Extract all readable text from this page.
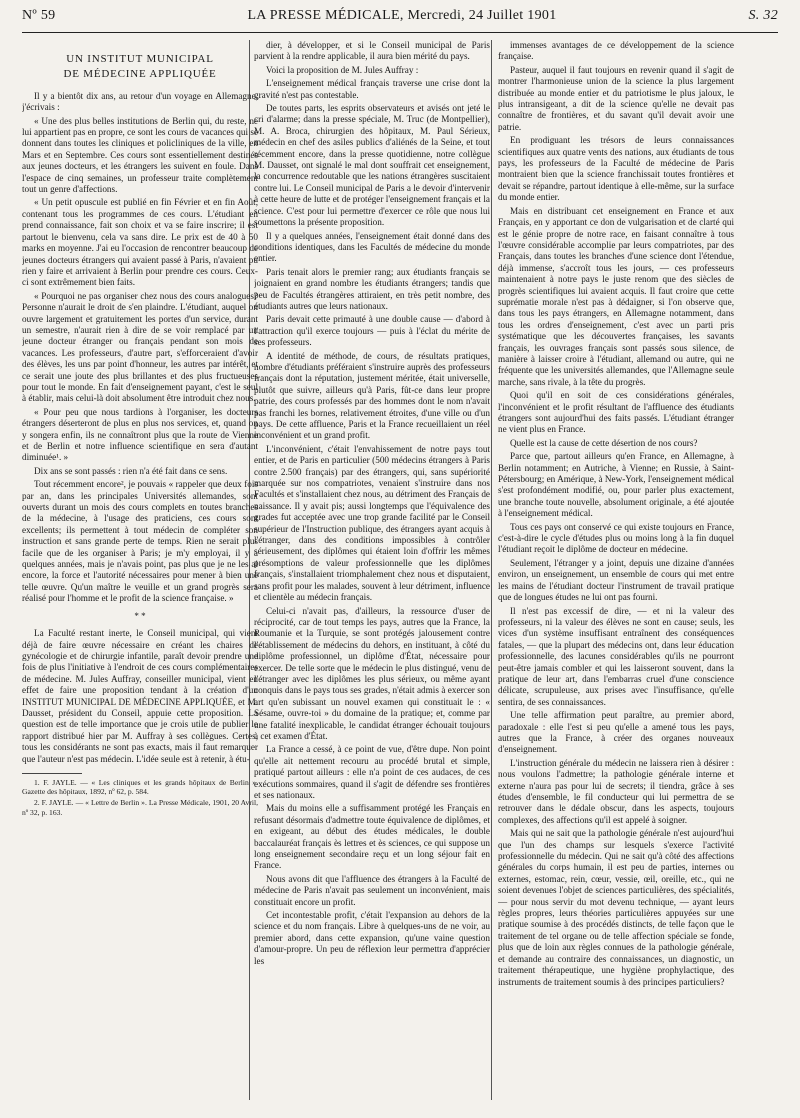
Nº 59	LA PRESSE MÉDICALE, Mercredi, 24 Juillet 1901	S. 32
UN INSTITUT MUNICIPAL
DE MÉDECINE APPLIQUÉE

Il y a bientôt dix ans, au retour d'un voyage en Allemagne, j'écrivais :

« Une des plus belles institutions de Berlin qui, du reste, ne lui appartient pas en propre, ce sont les cours de vacances qui se donnent dans toutes les cliniques et policliniques de la ville, en Mars et en Septembre. Ces cours sont essentiellement destinés aux jeunes docteurs, et les étrangers les suivent en foule. Dans l'espace de cinq semaines, un professeur traite complètement tout un genre d'affections.

« Un petit opuscule est publié en fin Février et en fin Août, contenant tous les programmes de ces cours. L'étudiant en prend connaissance, fait son choix et va se faire inscrire; il est partout le bienvenu, cela va sans dire. Le prix est de 40 à 50 marks en moyenne. J'ai eu l'occasion de rencontrer beaucoup de jeunes docteurs étrangers qui avaient passé à Paris, n'avaient pu rien y faire et arrivaient à Berlin pour prendre ces cours. Ceux-ci sont extrêmement bien faits.

« Pourquoi ne pas organiser chez nous des cours analogues? Personne n'aurait le droit de s'en plaindre. L'étudiant, auquel on ouvre largement et gratuitement les portes d'un service, durant un semestre, n'aurait rien à dire de se voir remplacé par un jeune docteur étranger ou français pendant son mois de vacances. Les professeurs, d'autre part, s'efforceraient d'avoir des élèves, les uns par point d'honneur, les autres par intérêt, et ce serait une joute des plus brillantes et des plus fructueuses pour tout le monde. En fait d'enseignement payant, c'est le seul à établir, mais celui-là doit absolument être introduit chez nous.

« Pour peu que nous tardions à l'organiser, les docteurs étrangers déserteront de plus en plus nos services, et, quand on y songera enfin, ils ne connaîtront plus que la route de Vienne et de Berlin et notre influence scientifique en sera d'autant diminuée¹. »

Dix ans se sont passés : rien n'a été fait dans ce sens.

Tout récemment encore², je pouvais « rappeler que deux fois par an, dans les principales Universités allemandes, sont ouverts durant un mois des cours complets en toutes branches de la médecine, à l'usage des praticiens, ces cours sont excellents; ils permettent à tout médecin de compléter son instruction et sans grande perte de temps. Rien ne serait plus facile que de les organiser à Paris; je m'y employai, il y a quelques années, mais je n'avais point, pas plus que je ne les ai encore, la force et l'autorité nécessaires pour mener à bien une telle œuvre. Qu'un maître le veuille et un grand progrès sera réalisé pour l'homme et le profit de la science française. »

* *

La Faculté restant inerte, le Conseil municipal, qui vient déjà de faire œuvre nécessaire en créant les chaires de gynécologie et de chirurgie infantile, paraît devoir prendre une fois de plus l'initiative à l'endroit de ces cours complémentaires de médecine. M. Jules Auffray, conseiller municipal, vient en effet de faire une proposition tendant à la création d'un INSTITUT MUNICIPAL DE MÉDECINE APPLIQUÉE, et M. Dausset, président du Conseil, appuie cette proposition. La question est de telle importance que je crois utile de publier le rapport distribué hier par M. Auffray à ses collègues. Certes, tous les considérants ne sont pas exacts, mais il faut remarquer que l'auteur n'est pas médecin. L'idée seule est à retenir, à étu-

1. F. JAYLE. — « Les cliniques et les grands hôpitaux de Berlin ». Gazette des hôpitaux, 1892, nº 62, p. 584.

2. F. JAYLE. — « Lettre de Berlin ». La Presse Médicale, 1901, 20 Avril, nº 32, p. 163.

dier, à développer, et si le Conseil municipal de Paris parvient à la rendre applicable, il aura bien mérité du pays.

Voici la proposition de M. Jules Auffray :

L'enseignement médical français traverse une crise dont la gravité n'est pas contestable.

De toutes parts, les esprits observateurs et avisés ont jeté le cri d'alarme; dans la presse spéciale, M. Truc (de Montpellier), M. A. Broca, chirurgien des hôpitaux, M. Paul Sérieux, médecin en chef des asiles publics d'aliénés de la Seine, et tout récemment encore, dans la presse quotidienne, notre collègue M. Dausset, ont signalé le mal dont souffrait cet enseignement, la concurrence redoutable que les nations étrangères suscitaient contre lui. Le Conseil municipal de Paris a le devoir d'intervenir à cette heure de lutte et de protéger l'enseignement français et la science. C'est pour lui permettre d'exercer ce rôle que nous lui soumettons la présente proposition.

Il y a quelques années, l'enseignement était donné dans des conditions identiques, dans les Facultés de médecine du monde entier.

Paris tenait alors le premier rang; aux étudiants français se joignaient en grand nombre les étudiants étrangers; tandis que peu de Facultés étrangères attiraient, en très petit nombre, des étudiants autres que leurs nationaux.

Paris devait cette primauté à une double cause — d'abord à l'attraction qu'il exerce toujours — puis à l'éclat du mérite de ses professeurs.

A identité de méthode, de cours, de résultats pratiques, nombre d'étudiants préféraient s'instruire auprès des professeurs français dont la réputation, justement méritée, était universelle, plutôt que suivre, ailleurs qu'à Paris, fût-ce dans leur propre patrie, des cours professés par des hommes dont le nom n'avait pas franchi les bornes, relativement étroites, d'une ville ou d'un pays. De cette affluence, Paris et la France recueillaient un réel inconvénient et un grand profit.

L'inconvénient, c'était l'envahissement de notre pays tout entier, et de Paris en particulier (500 médecins étrangers à Paris contre 2.500 français) par des étrangers, qui, sans supériorité marquée sur nos compatriotes, venaient s'instruire dans nos Facultés et s'installaient chez nous, au détriment des Français de naissance. Il y avait pis; aussi longtemps que l'équivalence des grades fut acceptée avec une trop grande facilité par le Conseil supérieur de l'Instruction publique, des étrangers ayant acquis à l'étranger, dans des conditions impossibles à contrôler sérieusement, des diplômes qui étaient loin d'offrir les mêmes présomptions de valeur professionnelle que les diplômes français, s'installaient triomphalement chez nous et disputaient, sans profit pour les malades, souvent à leur détriment, influence et clientèle au médecin français.

Celui-ci n'avait pas, d'ailleurs, la ressource d'user de réciprocité, car de tout temps les pays, autres que la France, la Roumanie et la Turquie, se sont protégés jalousement contre l'établissement de médecins du dehors, en instituant, à côté du diplôme professionnel, un diplôme d'État, nécessaire pour exercer. De telle sorte que le médecin le plus distingué, venu de l'étranger avec les diplômes les plus sérieux, ou même ayant conquis dans le pays tous ses grades, n'était admis à exercer son art qu'en subissant un nouvel examen qui constituait le : « Sésame, ouvre-toi » du domaine de la pratique; et, comme par une fatalité inexplicable, le candidat étranger échouait toujours à cet examen d'État.

La France a cessé, à ce point de vue, d'être dupe. Non point qu'elle ait nettement recouru au procédé brutal et simple, pratiqué partout ailleurs : elle n'a point de ces audaces, de ces exécutions sommaires, quand il s'agit de défendre ses frontières et ses nationaux.

Mais du moins elle a suffisamment protégé les Français en refusant désormais d'admettre toute équivalence de diplômes, et en exigeant, au début des études médicales, le double baccalauréat français ès lettres et ès sciences, ce qui suppose un long enseignement secondaire reçu et un long séjour fait en France.

Nous avons dit que l'affluence des étrangers à la Faculté de médecine de Paris n'avait pas seulement un inconvénient, mais constituait encore un profit.

Cet incontestable profit, c'était l'expansion au dehors de la science et du nom français. Libre à quelques-uns de ne voir, au premier abord, dans cette expansion, qu'une vaine question d'amour-propre. Un peu de réflexion leur permettra d'apprécier les

immenses avantages de ce développement de la science française.

Pasteur, auquel il faut toujours en revenir quand il s'agit de montrer l'harmonieuse union de la science la plus largement distribuée au monde entier et du patriotisme le plus jaloux, le plus intransigeant, a dit de la science qu'elle ne devait pas connaître de frontières, et du savant qu'il devait avoir une patrie.

En prodiguant les trésors de leurs connaissances scientifiques aux quatre vents des nations, aux étudiants de tous pays, les professeurs de la Faculté de médecine de Paris montraient bien que la science franchissait toutes frontières et devait se répandre, partout identique à elle-même, sur la surface du monde entier.

Mais en distribuant cet enseignement en France et aux Français, en y apportant ce don de vulgarisation et de clarté qui est le génie propre de notre race, en faisant connaître à tous l'œuvre considérable accomplie par leurs compatriotes, par des Français, dans toutes les branches d'une science dont l'étendue, déjà immense, s'accroît tous les jours, — ces professeurs maintenaient à notre pays le juste renom que des siècles de progrès scientifiques lui avaient acquis. Il faut croire que cette suprématie morale n'est pas à dédaigner, si l'on observe que, dans tous les pays étrangers, en Allemagne notamment, dans tous les ordres d'enseignement, c'est avec un parti pris systématique que les découvertes françaises, les savants français, les ouvrages français sont passés sous silence, de manière à laisser croire à l'étudiant, allemand ou autre, qui ne fréquente que les universités allemandes, que l'Allemagne seule marche, sans rivale, à la tête du progrès.

Quoi qu'il en soit de ces considérations générales, l'inconvénient et le profit résultant de l'affluence des étudiants étrangers sont aujourd'hui des faits passés. L'étudiant étranger ne vient plus en France.

Quelle est la cause de cette désertion de nos cours?

Parce que, partout ailleurs qu'en France, en Allemagne, à Berlin notamment; en Autriche, à Vienne; en Russie, à Saint-Pétersbourg; en Amérique, à New-York, l'enseignement médical s'est profondément modifié, ou, pour parler plus exactement, une branche toute nouvelle, absolument originale, a été ajoutée à l'enseignement médical.

Tous ces pays ont conservé ce qui existe toujours en France, c'est-à-dire le cycle d'études plus ou moins long à la fin duquel l'étudiant reçoit le diplôme de docteur en médecine.

Seulement, l'étranger y a joint, depuis une dizaine d'années environ, un enseignement, un ensemble de cours qui met entre les mains de l'étudiant docteur l'instrument de travail pratique que de longues études ne lui ont pas fourni.

Il n'est pas excessif de dire, — et ni la valeur des professeurs, ni la valeur des élèves ne sont en cause; seuls, les vices d'un système insuffisant entraînent des conséquences fatales, — que la plupart des médecins ont, dans leur éducation professionnelle, des lacunes considérables qu'ils ne pourront peut-être jamais combler et qui les laisseront souvent, dans la pratique de leur art, dans l'embarras cruel d'une conscience délicate, scrupuleuse, aux prises avec l'insuffisance, qu'elle sentira, de ses connaissances.

Une telle affirmation peut paraître, au premier abord, paradoxale : elle l'est si peu qu'elle a amené tous les pays, autres que la France, à créer des organes nouveaux d'enseignement.

L'instruction générale du médecin ne laissera rien à désirer : nous voulons l'admettre; la pathologie générale interne et externe n'aura pas pour lui de secrets; il tiendra, grâce à ses études d'ensemble, le fil conducteur qui lui permettra de se retrouver dans le dédale obscur, dans les aspects, toujours complexes, des affections qu'il est appelé à soigner.

Mais qui ne sait que la pathologie générale n'est aujourd'hui que l'un des champs sur lesquels s'exerce l'activité professionnelle du médecin. Qui ne sait qu'à côté des affections générales du corps humain, il est peu de parties, internes ou externes, estomac, rein, cœur, vessie, œil, oreille, etc., qui ne soient devenues l'objet de sciences particulières, des spécialités, — pour nous servir du mot devenu technique, — ayant leurs règles propres, leurs théories particulières appuyées sur une pratique soumise à des procédés distincts, de telle façon que le traitement de tel organe ou de telle affection spéciale se fonde, plus que de loin aux règles connues de la pathologie générale, et demande au contraire des connaissances, un diagnostic, un traitement thérapeutique, une hygiène prophylactique, des instruments de traitement soumis à des principes particuliers?
